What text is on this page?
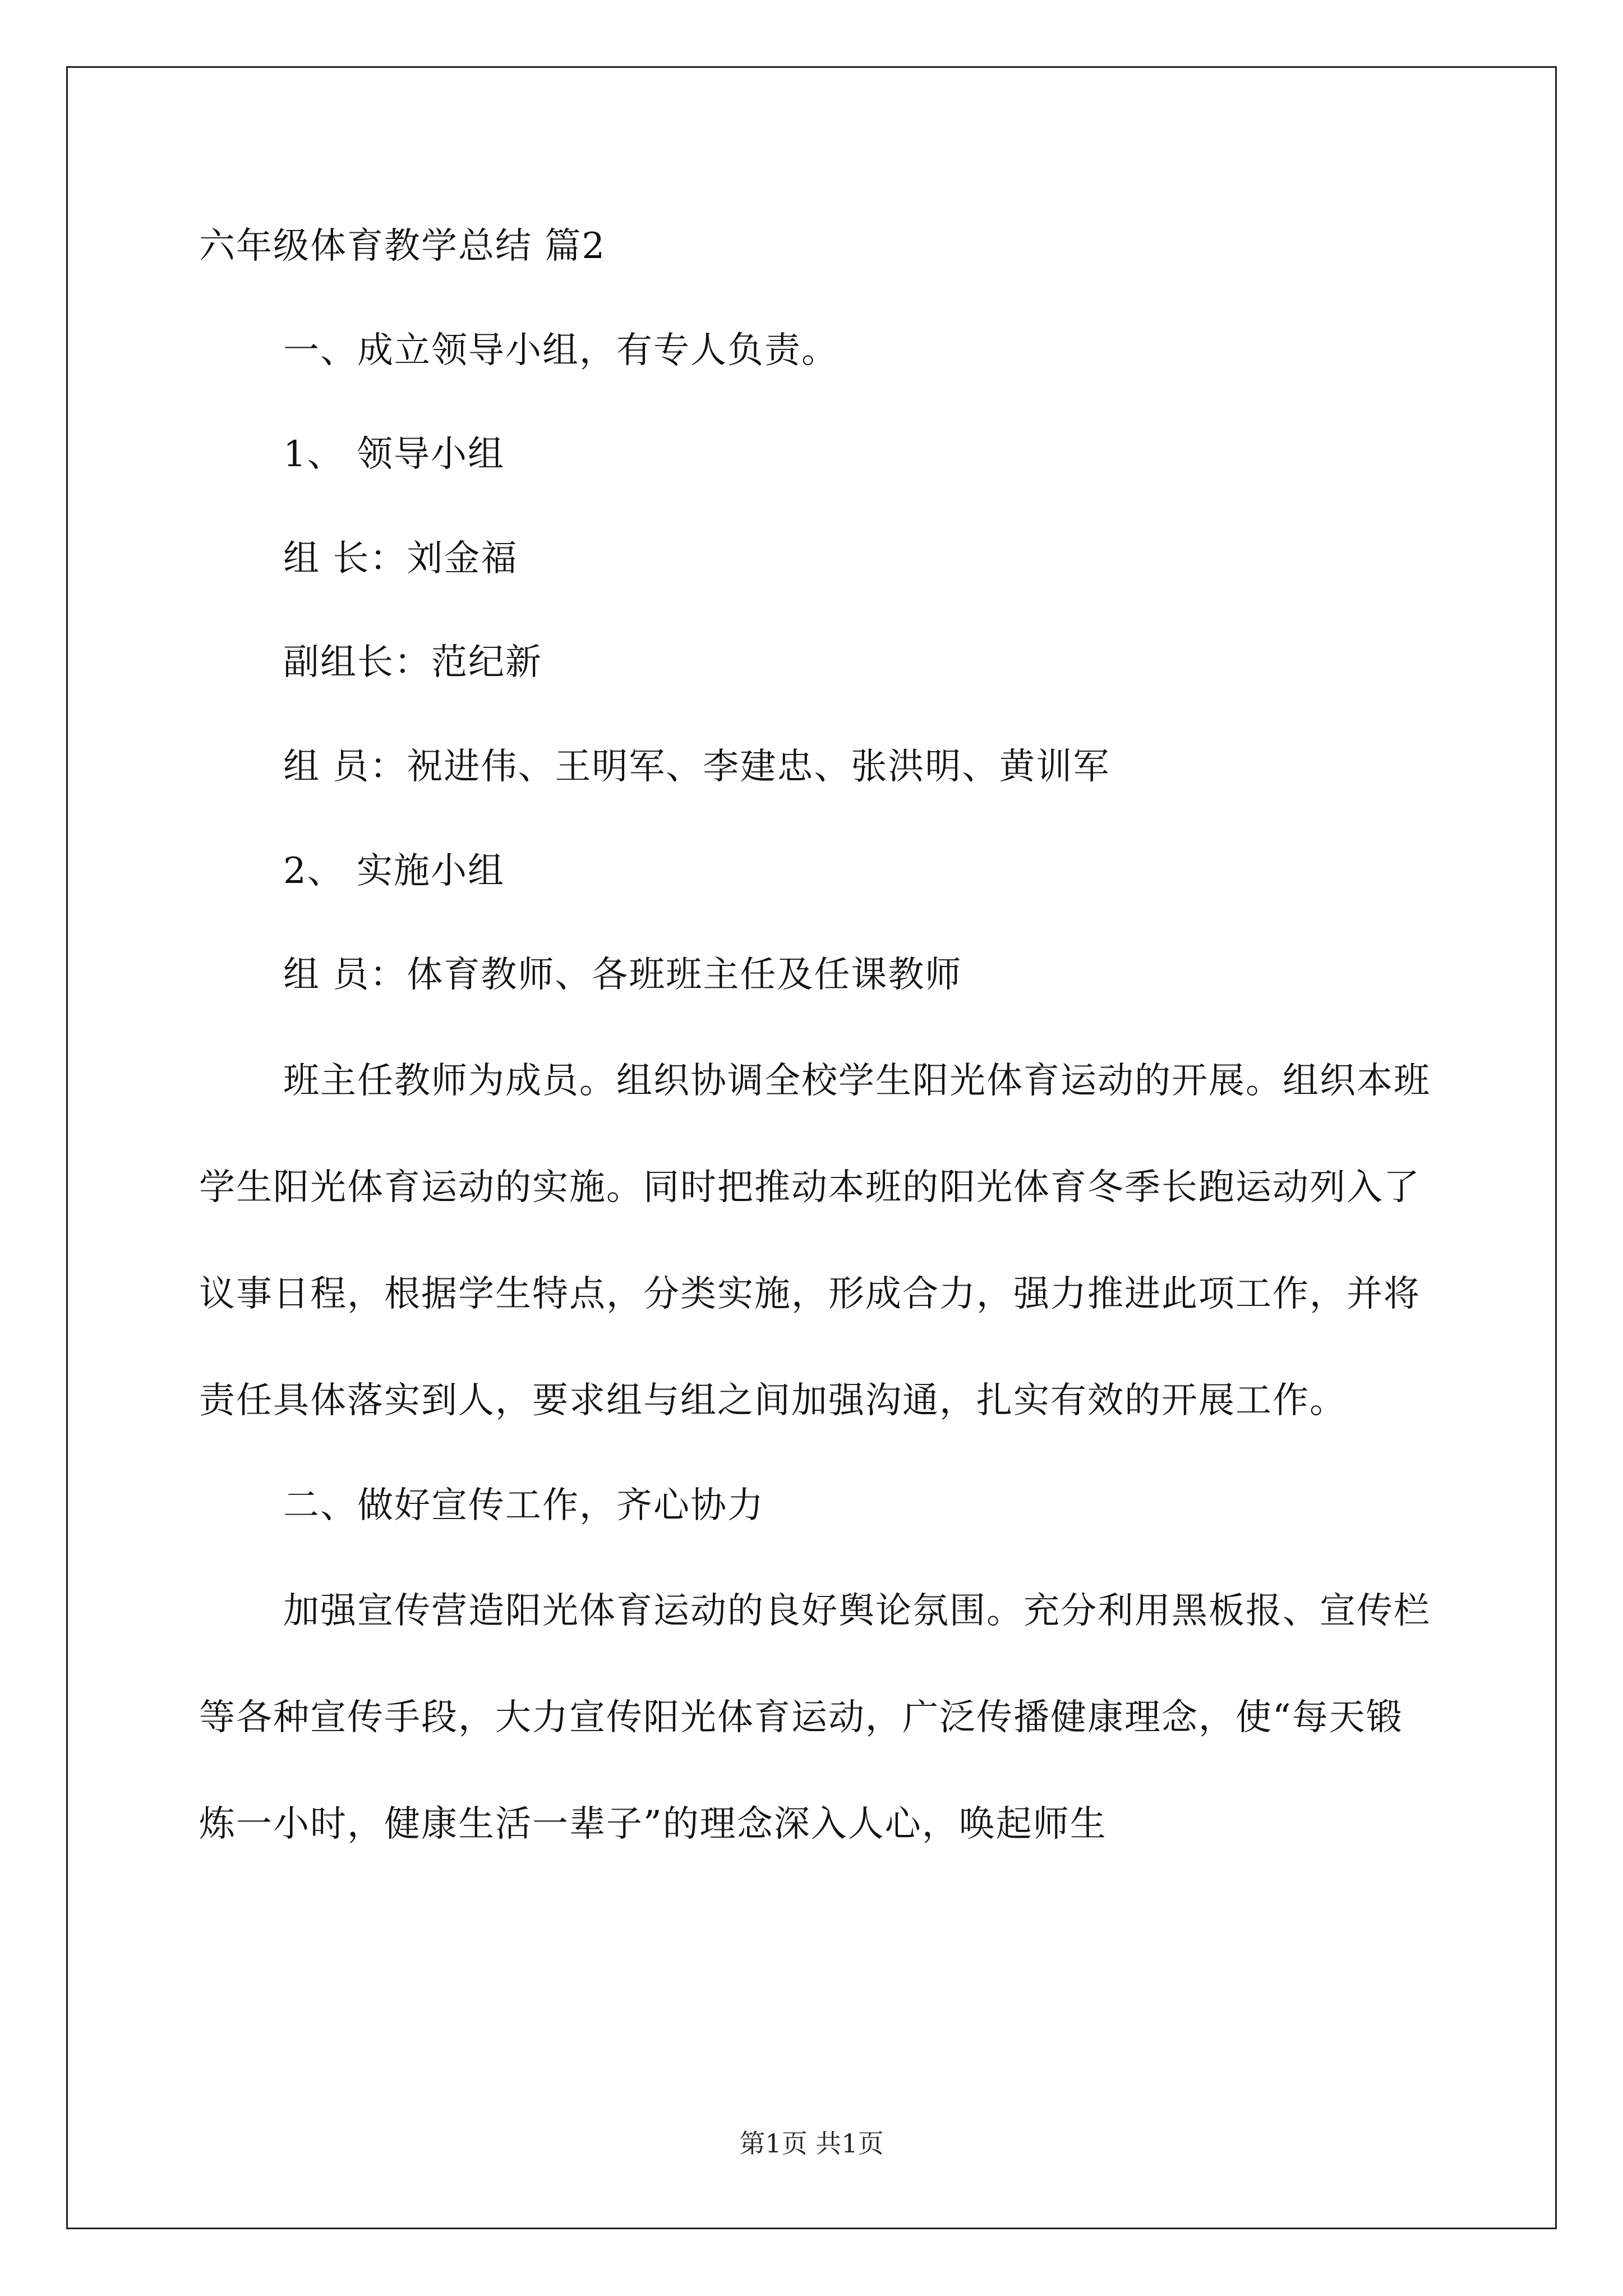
六年级体育教学总结 篇2
一、成立领导小组，有专人负责。
1、 领导小组
组 长：刘金福
副组长：范纪新
组 员：祝进伟、王明军、李建忠、张洪明、黄训军
2、 实施小组
组 员：体育教师、各班班主任及任课教师
班主任教师为成员。组织协调全校学生阳光体育运动的开展。组织本班学生阳光体育运动的实施。同时把推动本班的阳光体育冬季长跑运动列入了议事日程，根据学生特点，分类实施，形成合力，强力推进此项工作，并将责任具体落实到人，要求组与组之间加强沟通，扎实有效的开展工作。
二、做好宣传工作，齐心协力
加强宣传营造阳光体育运动的良好舆论氛围。充分利用黑板报、宣传栏等各种宣传手段，大力宣传阳光体育运动，广泛传播健康理念，使“每天锻炼一小时，健康生活一辈子”的理念深入人心，唤起师生
第1页 共1页
